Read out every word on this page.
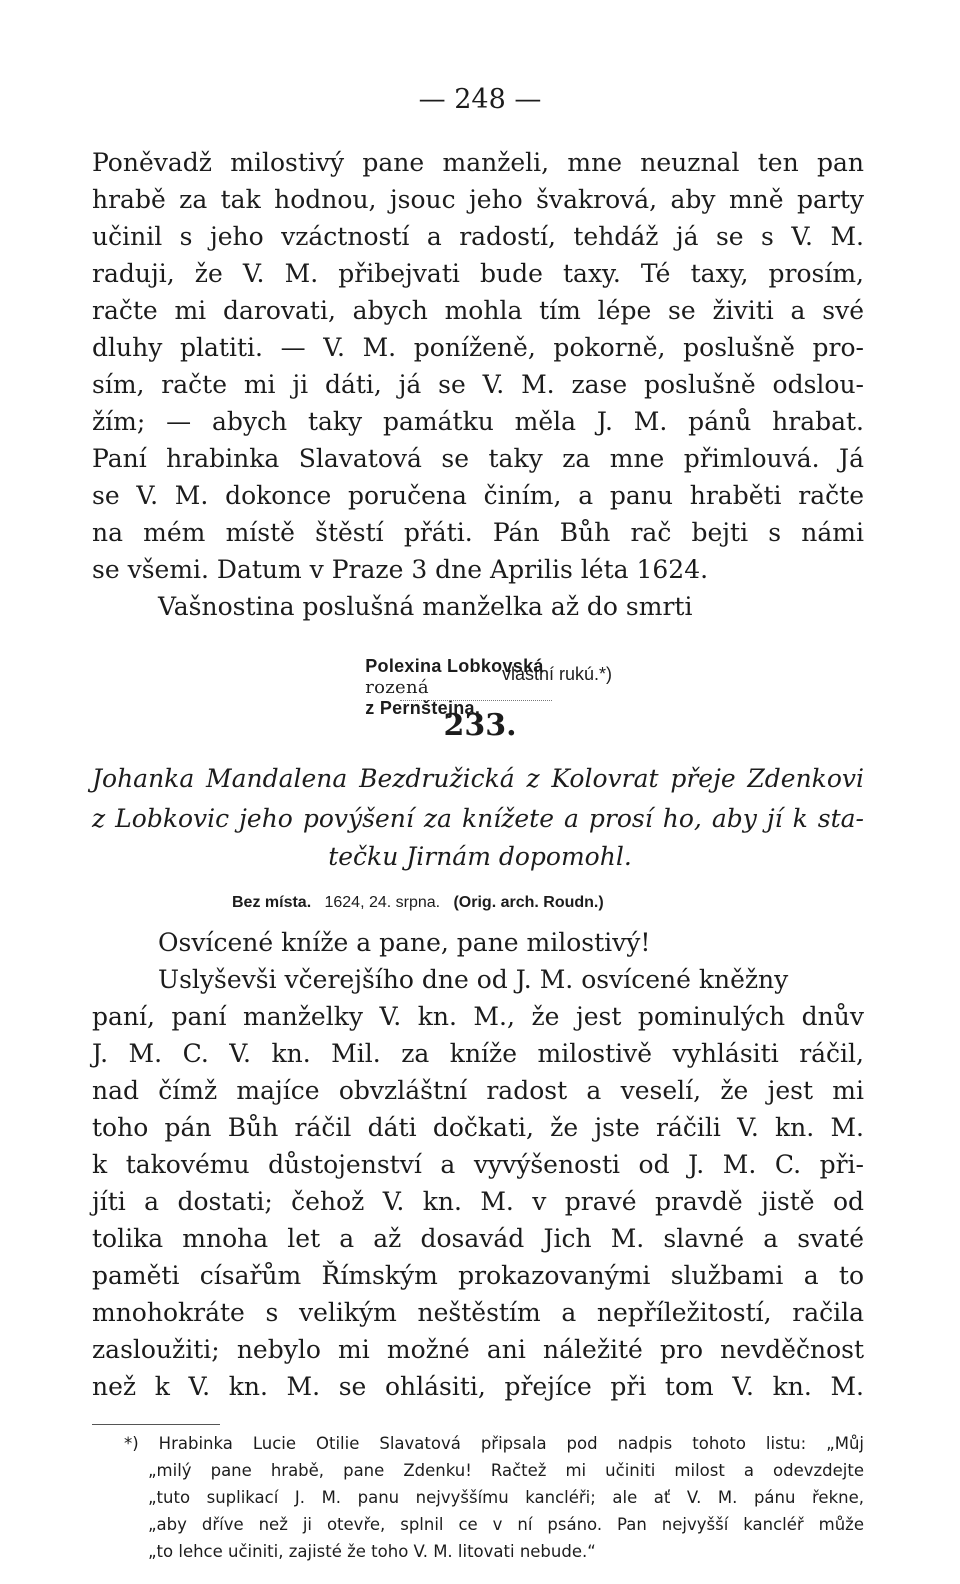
— 248 —
Poněvadž milostivý pane manželi, mne neuznal ten pan
hrabě za tak hodnou, jsouc jeho švakrová, aby mně party
učinil s jeho vzáctností a radostí, tehdáž já se s V. M.
raduji, že V. M. přibejvati bude taxy. Té taxy, prosím,
račte mi darovati, abych mohla tím lépe se živiti a své
dluhy platiti. — V. M. poníženě, pokorně, poslušně pro-
sím, račte mi ji dáti, já se V. M. zase poslušně odslou-
žím; — abych taky památku měla J. M. pánů hrabat.
Paní hrabinka Slavatová se taky za mne přimlouvá. Já
se V. M. dokonce poručena činím, a panu hraběti račte
na mém místě štěstí přáti. Pán Bůh rač bejti s námi
se všemi. Datum v Praze 3 dne Aprilis léta 1624.
Vašnostina poslušná manželka až do smrti

Polexina Lobkovská
rozená
z Pernštejna,

vlastní rukú.*)
233.
Johanka Mandalena Bezdružická z Kolovrat přeje Zdenkovi
z Lobkovic jeho povýšení za knížete a prosí ho, aby jí k sta-
tečku Jirnám dopomohl.
Bez místa. 1624, 24. srpna. (Orig. arch. Roudn.)
Osvícené kníže a pane, pane milostivý!
Uslyševši včerejšího dne od J. M. osvícené kněžny
paní, paní manželky V. kn. M., že jest pominulých dnův
J. M. C. V. kn. Mil. za kníže milostivě vyhlásiti ráčil,
nad čímž majíce obvzláštní radost a veselí, že jest mi
toho pán Bůh ráčil dáti dočkati, že jste ráčili V. kn. M.
k takovému důstojenství a vyvýšenosti od J. M. C. při-
jíti a dostati; čehož V. kn. M. v pravé pravdě jistě od
tolika mnoha let a až dosavád Jich M. slavné a svaté
paměti císařům Římským prokazovanými službami a to
mnohokráte s velikým neštěstím a nepříležitostí, račila
zasloužiti; nebylo mi možné ani náležité pro nevděčnost
než k V. kn. M. se ohlásiti, přejíce při tom V. kn. M.
*) Hrabinka Lucie Otilie Slavatová připsala pod nadpis tohoto listu: „Můj
„milý pane hrabě, pane Zdenku! Račtež mi učiniti milost a odevzdejte
„tuto suplikací J. M. panu nejvyššímu kancléři; ale ať V. M. pánu řekne,
„aby dříve než ji otevře, splnil ce v ní psáno. Pan nejvyšší kancléř může
„to lehce učiniti, zajisté že toho V. M. litovati nebude.“
